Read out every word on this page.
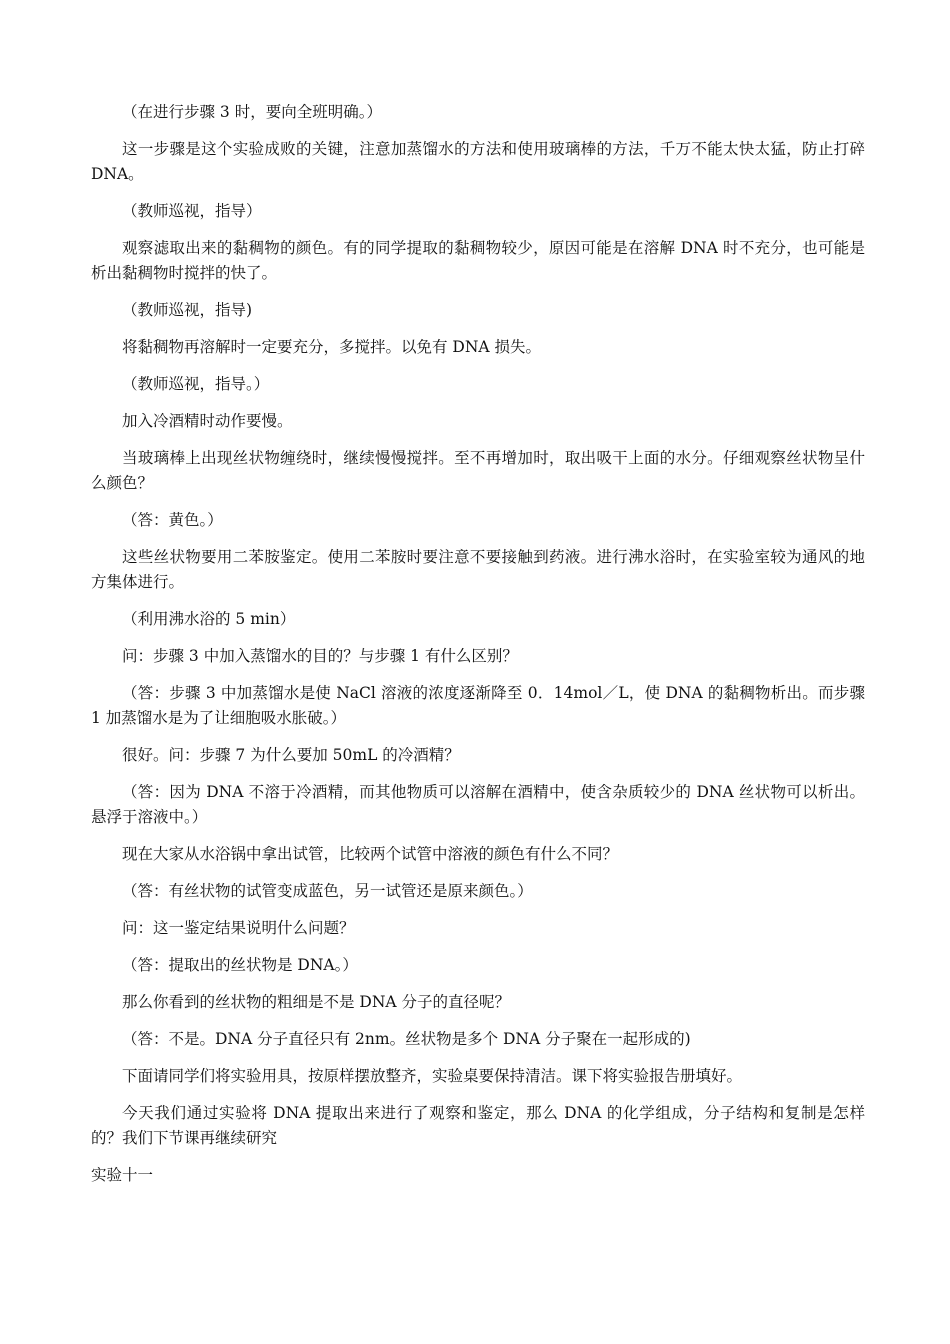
（在进行步骤 3 时，要向全班明确。）

这一步骤是这个实验成败的关键，注意加蒸馏水的方法和使用玻璃棒的方法，千万不能太快太猛，防止打碎 DNA。

（教师巡视，指导）

观察滤取出来的黏稠物的颜色。有的同学提取的黏稠物较少，原因可能是在溶解 DNA 时不充分，也可能是析出黏稠物时搅拌的快了。

（教师巡视，指导)

将黏稠物再溶解时一定要充分，多搅拌。以免有 DNA 损失。

（教师巡视，指导。）

加入冷酒精时动作要慢。

当玻璃棒上出现丝状物缠绕时，继续慢慢搅拌。至不再增加时，取出吸干上面的水分。仔细观察丝状物呈什么颜色？

（答：黄色。）

这些丝状物要用二苯胺鉴定。使用二苯胺时要注意不要接触到药液。进行沸水浴时，在实验室较为通风的地方集体进行。

（利用沸水浴的 5 min）

问：步骤 3 中加入蒸馏水的目的？与步骤 1 有什么区别？

（答：步骤 3 中加蒸馏水是使 NaCl 溶液的浓度逐渐降至 0．14mol／L，使 DNA 的黏稠物析出。而步骤 1 加蒸馏水是为了让细胞吸水胀破。）

很好。问：步骤 7 为什么要加 50mL 的冷酒精？

（答：因为 DNA 不溶于冷酒精，而其他物质可以溶解在酒精中，使含杂质较少的 DNA 丝状物可以析出。悬浮于溶液中。）

现在大家从水浴锅中拿出试管，比较两个试管中溶液的颜色有什么不同？

（答：有丝状物的试管变成蓝色，另一试管还是原来颜色。）

问：这一鉴定结果说明什么问题？

（答：提取出的丝状物是 DNA。）

那么你看到的丝状物的粗细是不是 DNA 分子的直径呢？

（答：不是。DNA 分子直径只有 2nm。丝状物是多个 DNA 分子聚在一起形成的)

下面请同学们将实验用具，按原样摆放整齐，实验桌要保持清洁。课下将实验报告册填好。

今天我们通过实验将 DNA 提取出来进行了观察和鉴定，那么 DNA 的化学组成，分子结构和复制是怎样的？我们下节课再继续研究

实验十一
